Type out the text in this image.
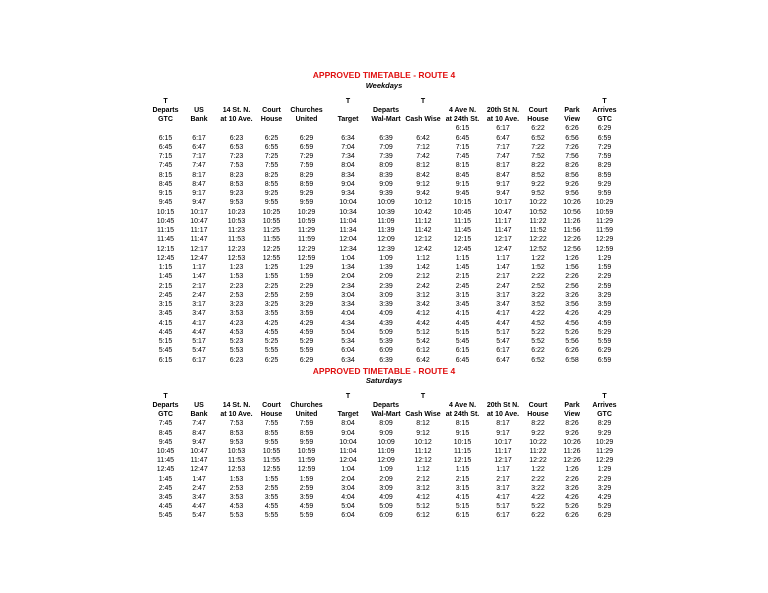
APPROVED TIMETABLE - ROUTE 4
Weekdays
T					T		T					T
Departs	US	14 St. N.	Court	Churches		Departs		4 Ave N.	20th St N.	Court	Park	Arrives
GTC	Bank	at 10 Ave.	House	United	Target	Wal-Mart	Cash Wise	at 24th St.	at 10 Ave.	House	View	GTC
								6:15	6:17	6:22	6:26	6:29
6:15	6:17	6:23	6:25	6:29	6:34	6:39	6:42	6:45	6:47	6:52	6:56	6:59
6:45	6:47	6:53	6:55	6:59	7:04	7:09	7:12	7:15	7:17	7:22	7:26	7:29
7:15	7:17	7:23	7:25	7:29	7:34	7:39	7:42	7:45	7:47	7:52	7:56	7:59
7:45	7:47	7:53	7:55	7:59	8:04	8:09	8:12	8:15	8:17	8:22	8:26	8:29
8:15	8:17	8:23	8:25	8:29	8:34	8:39	8:42	8:45	8:47	8:52	8:56	8:59
8:45	8:47	8:53	8:55	8:59	9:04	9:09	9:12	9:15	9:17	9:22	9:26	9:29
9:15	9:17	9:23	9:25	9:29	9:34	9:39	9:42	9:45	9:47	9:52	9:56	9:59
9:45	9:47	9:53	9:55	9:59	10:04	10:09	10:12	10:15	10:17	10:22	10:26	10:29
10:15	10:17	10:23	10:25	10:29	10:34	10:39	10:42	10:45	10:47	10:52	10:56	10:59
10:45	10:47	10:53	10:55	10:59	11:04	11:09	11:12	11:15	11:17	11:22	11:26	11:29
11:15	11:17	11:23	11:25	11:29	11:34	11:39	11:42	11:45	11:47	11:52	11:56	11:59
11:45	11:47	11:53	11:55	11:59	12:04	12:09	12:12	12:15	12:17	12:22	12:26	12:29
12:15	12:17	12:23	12:25	12:29	12:34	12:39	12:42	12:45	12:47	12:52	12:56	12:59
12:45	12:47	12:53	12:55	12:59	1:04	1:09	1:12	1:15	1:17	1:22	1:26	1:29
1:15	1:17	1:23	1:25	1:29	1:34	1:39	1:42	1:45	1:47	1:52	1:56	1:59
1:45	1:47	1:53	1:55	1:59	2:04	2:09	2:12	2:15	2:17	2:22	2:26	2:29
2:15	2:17	2:23	2:25	2:29	2:34	2:39	2:42	2:45	2:47	2:52	2:56	2:59
2:45	2:47	2:53	2:55	2:59	3:04	3:09	3:12	3:15	3:17	3:22	3:26	3:29
3:15	3:17	3:23	3:25	3:29	3:34	3:39	3:42	3:45	3:47	3:52	3:56	3:59
3:45	3:47	3:53	3:55	3:59	4:04	4:09	4:12	4:15	4:17	4:22	4:26	4:29
4:15	4:17	4:23	4:25	4:29	4:34	4:39	4:42	4:45	4:47	4:52	4:56	4:59
4:45	4:47	4:53	4:55	4:59	5:04	5:09	5:12	5:15	5:17	5:22	5:26	5:29
5:15	5:17	5:23	5:25	5:29	5:34	5:39	5:42	5:45	5:47	5:52	5:56	5:59
5:45	5:47	5:53	5:55	5:59	6:04	6:09	6:12	6:15	6:17	6:22	6:26	6:29
6:15	6:17	6:23	6:25	6:29	6:34	6:39	6:42	6:45	6:47	6:52	6:58	6:59
APPROVED TIMETABLE - ROUTE 4
Saturdays
T					T		T					T
Departs	US	14 St. N.	Court	Churches		Departs		4 Ave N.	20th St N.	Court	Park	Arrives
GTC	Bank	at 10 Ave.	House	United	Target	Wal-Mart	Cash Wise	at 24th St.	at 10 Ave.	House	View	GTC
7:45	7:47	7:53	7:55	7:59	8:04	8:09	8:12	8:15	8:17	8:22	8:26	8:29
8:45	8:47	8:53	8:55	8:59	9:04	9:09	9:12	9:15	9:17	9:22	9:26	9:29
9:45	9:47	9:53	9:55	9:59	10:04	10:09	10:12	10:15	10:17	10:22	10:26	10:29
10:45	10:47	10:53	10:55	10:59	11:04	11:09	11:12	11:15	11:17	11:22	11:26	11:29
11:45	11:47	11:53	11:55	11:59	12:04	12:09	12:12	12:15	12:17	12:22	12:26	12:29
12:45	12:47	12:53	12:55	12:59	1:04	1:09	1:12	1:15	1:17	1:22	1:26	1:29
1:45	1:47	1:53	1:55	1:59	2:04	2:09	2:12	2:15	2:17	2:22	2:26	2:29
2:45	2:47	2:53	2:55	2:59	3:04	3:09	3:12	3:15	3:17	3:22	3:26	3:29
3:45	3:47	3:53	3:55	3:59	4:04	4:09	4:12	4:15	4:17	4:22	4:26	4:29
4:45	4:47	4:53	4:55	4:59	5:04	5:09	5:12	5:15	5:17	5:22	5:26	5:29
5:45	5:47	5:53	5:55	5:59	6:04	6:09	6:12	6:15	6:17	6:22	6:26	6:29
